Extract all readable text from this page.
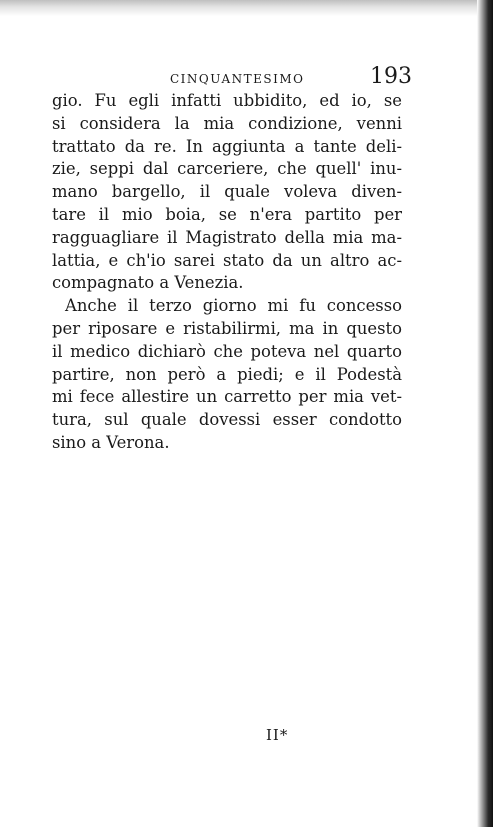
CINQUANTESIMO	193

gio. Fu egli infatti ubbidito, ed io, se
si considera la mia condizione, venni
trattato da re. In aggiunta a tante deli-
zie, seppi dal carceriere, che quell' inu-
mano bargello, il quale voleva diven-
tare il mio boia, se n'era partito per
ragguagliare il Magistrato della mia ma-
lattia, e ch'io sarei stato da un altro ac-
compagnato a Venezia.

Anche il terzo giorno mi fu concesso
per riposare e ristabilirmi, ma in questo
il medico dichiarò che poteva nel quarto
partire, non però a piedi; e il Podestà
mi fece allestire un carretto per mia vet-
tura, sul quale dovessi esser condotto
sino a Verona.

II*
